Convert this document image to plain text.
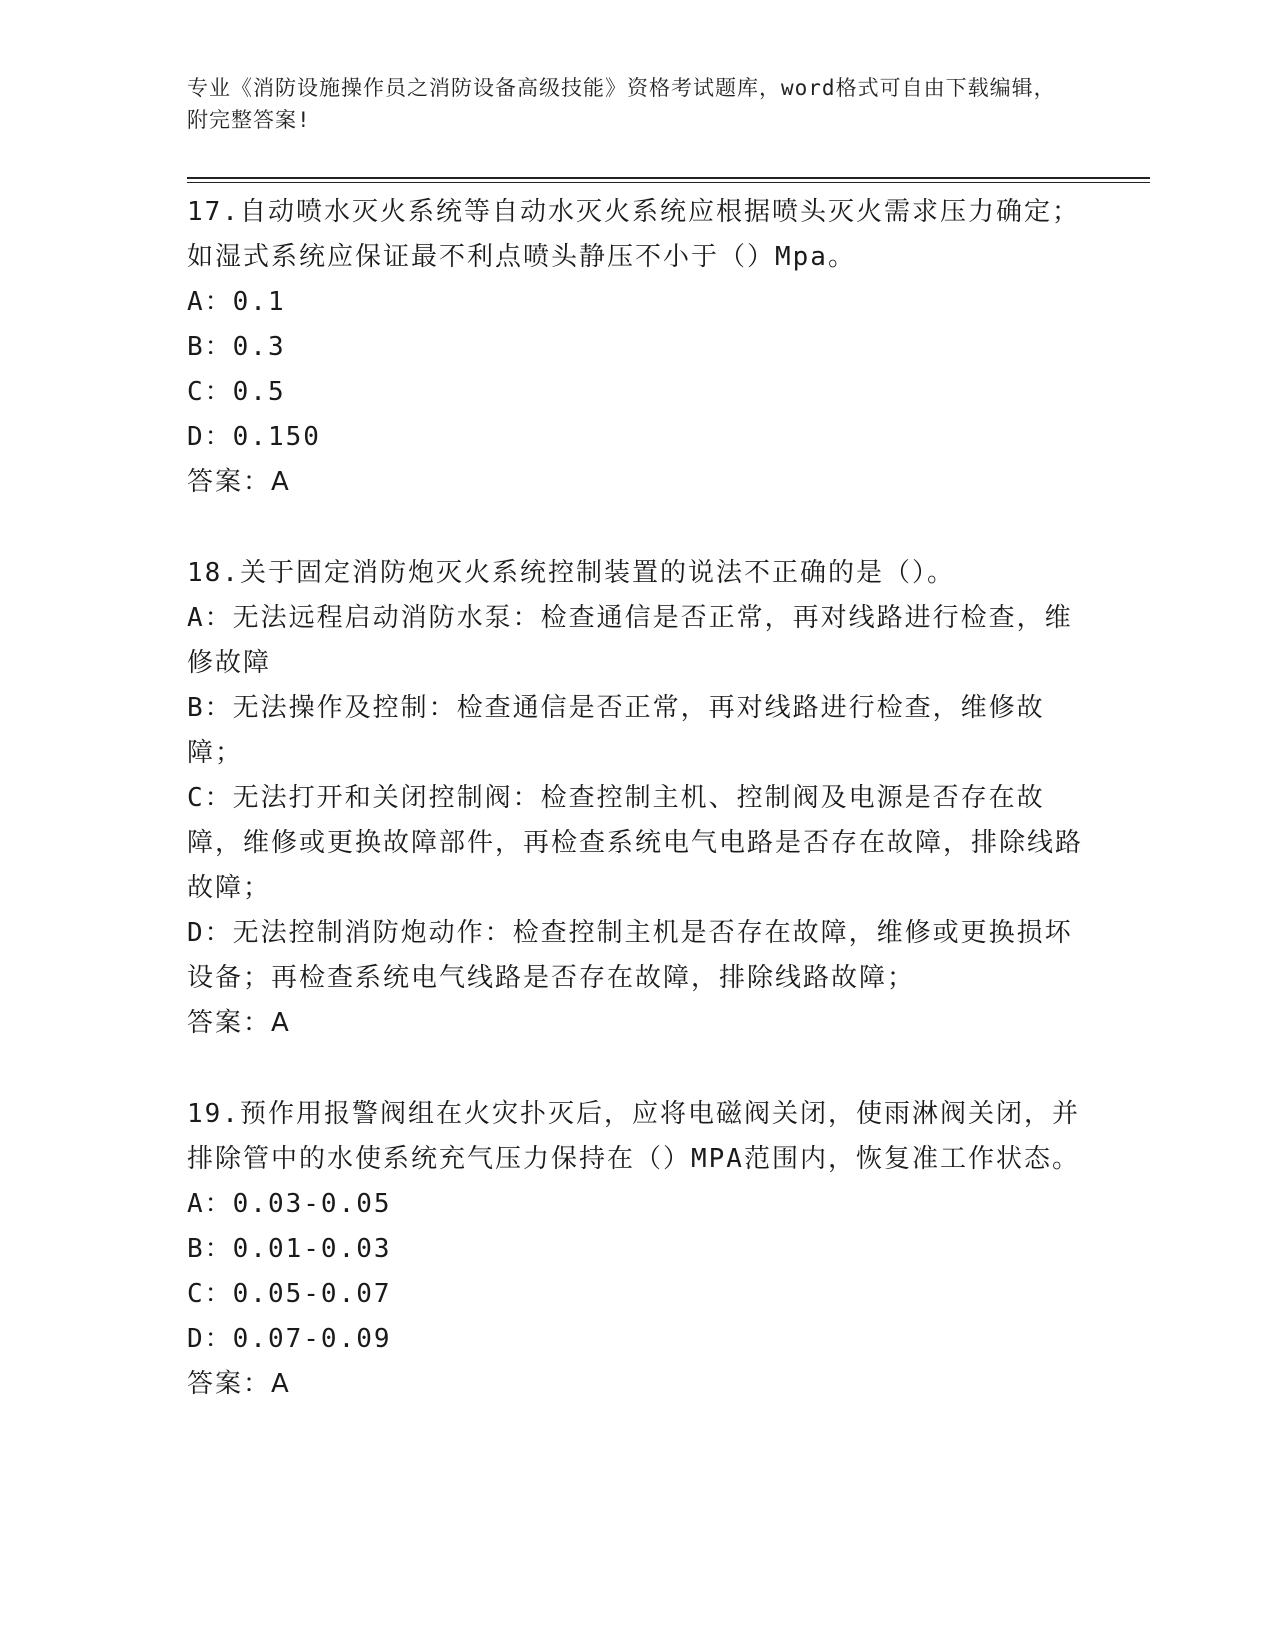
专业《消防设施操作员之消防设备高级技能》资格考试题库，word格式可自由下载编辑，附完整答案!
17.自动喷水灭火系统等自动水灭火系统应根据喷头灭火需求压力确定；如湿式系统应保证最不利点喷头静压不小于（）Mpa。
A：0.1
B：0.3
C：0.5
D：0.150
答案：A
18.关于固定消防炮灭火系统控制装置的说法不正确的是（）。
A：无法远程启动消防水泵：检查通信是否正常，再对线路进行检查，维修故障
B：无法操作及控制：检查通信是否正常，再对线路进行检查，维修故障；
C：无法打开和关闭控制阀：检查控制主机、控制阀及电源是否存在故障，维修或更换故障部件，再检查系统电气电路是否存在故障，排除线路故障；
D：无法控制消防炮动作：检查控制主机是否存在故障，维修或更换损坏设备；再检查系统电气线路是否存在故障，排除线路故障；
答案：A
19.预作用报警阀组在火灾扑灭后，应将电磁阀关闭，使雨淋阀关闭，并排除管中的水使系统充气压力保持在（）MPA范围内，恢复准工作状态。
A：0.03-0.05
B：0.01-0.03
C：0.05-0.07
D：0.07-0.09
答案：A
